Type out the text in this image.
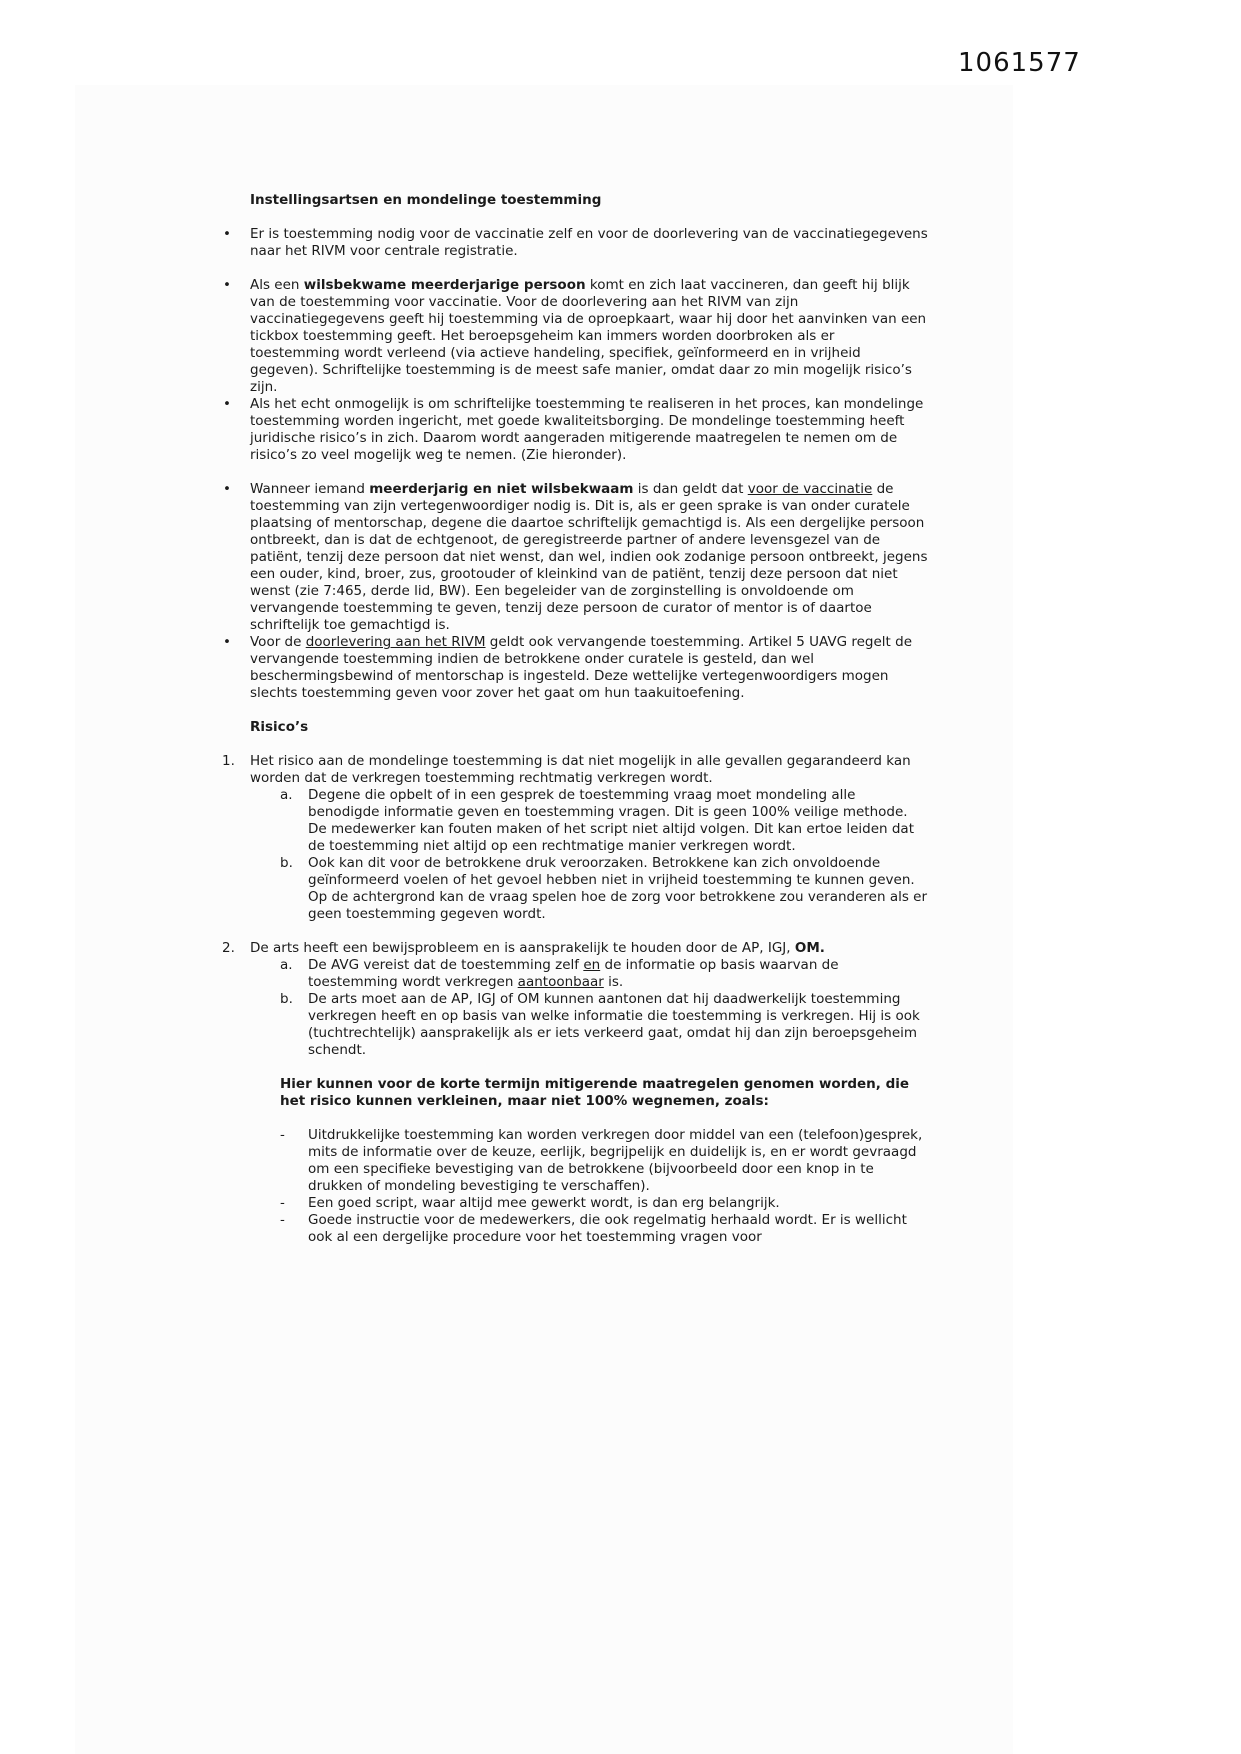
1061577
Instellingsartsen en mondelinge toestemming
• Er is toestemming nodig voor de vaccinatie zelf en voor de doorlevering van de vaccinatiegegevens naar het RIVM voor centrale registratie.
• Als een wilsbekwame meerderjarige persoon komt en zich laat vaccineren, dan geeft hij blijk van de toestemming voor vaccinatie. Voor de doorlevering aan het RIVM van zijn vaccinatiegegevens geeft hij toestemming via de oproepkaart, waar hij door het aanvinken van een tickbox toestemming geeft. Het beroepsgeheim kan immers worden doorbroken als er toestemming wordt verleend (via actieve handeling, specifiek, geïnformeerd en in vrijheid gegeven). Schriftelijke toestemming is de meest safe manier, omdat daar zo min mogelijk risico’s zijn.
• Als het echt onmogelijk is om schriftelijke toestemming te realiseren in het proces, kan mondelinge toestemming worden ingericht, met goede kwaliteitsborging. De mondelinge toestemming heeft juridische risico’s in zich. Daarom wordt aangeraden mitigerende maatregelen te nemen om de risico’s zo veel mogelijk weg te nemen. (Zie hieronder).
• Wanneer iemand meerderjarig en niet wilsbekwaam is dan geldt dat voor de vaccinatie de toestemming van zijn vertegenwoordiger nodig is. Dit is, als er geen sprake is van onder curatele plaatsing of mentorschap, degene die daartoe schriftelijk gemachtigd is. Als een dergelijke persoon ontbreekt, dan is dat de echtgenoot, de geregistreerde partner of andere levensgezel van de patiënt, tenzij deze persoon dat niet wenst, dan wel, indien ook zodanige persoon ontbreekt, jegens een ouder, kind, broer, zus, grootouder of kleinkind van de patiënt, tenzij deze persoon dat niet wenst (zie 7:465, derde lid, BW). Een begeleider van de zorginstelling is onvoldoende om vervangende toestemming te geven, tenzij deze persoon de curator of mentor is of daartoe schriftelijk toe gemachtigd is.
• Voor de doorlevering aan het RIVM geldt ook vervangende toestemming. Artikel 5 UAVG regelt de vervangende toestemming indien de betrokkene onder curatele is gesteld, dan wel beschermingsbewind of mentorschap is ingesteld. Deze wettelijke vertegenwoordigers mogen slechts toestemming geven voor zover het gaat om hun taakuitoefening.
Risico’s
1. Het risico aan de mondelinge toestemming is dat niet mogelijk in alle gevallen gegarandeerd kan worden dat de verkregen toestemming rechtmatig verkregen wordt.
a. Degene die opbelt of in een gesprek de toestemming vraag moet mondeling alle benodigde informatie geven en toestemming vragen. Dit is geen 100% veilige methode. De medewerker kan fouten maken of het script niet altijd volgen. Dit kan ertoe leiden dat de toestemming niet altijd op een rechtmatige manier verkregen wordt.
b. Ook kan dit voor de betrokkene druk veroorzaken. Betrokkene kan zich onvoldoende geïnformeerd voelen of het gevoel hebben niet in vrijheid toestemming te kunnen geven. Op de achtergrond kan de vraag spelen hoe de zorg voor betrokkene zou veranderen als er geen toestemming gegeven wordt.
2. De arts heeft een bewijsprobleem en is aansprakelijk te houden door de AP, IGJ, OM.
a. De AVG vereist dat de toestemming zelf en de informatie op basis waarvan de toestemming wordt verkregen aantoonbaar is.
b. De arts moet aan de AP, IGJ of OM kunnen aantonen dat hij daadwerkelijk toestemming verkregen heeft en op basis van welke informatie die toestemming is verkregen. Hij is ook (tuchtrechtelijk) aansprakelijk als er iets verkeerd gaat, omdat hij dan zijn beroepsgeheim schendt.
Hier kunnen voor de korte termijn mitigerende maatregelen genomen worden, die het risico kunnen verkleinen, maar niet 100% wegnemen, zoals:
- Uitdrukkelijke toestemming kan worden verkregen door middel van een (telefoon)gesprek, mits de informatie over de keuze, eerlijk, begrijpelijk en duidelijk is, en er wordt gevraagd om een specifieke bevestiging van de betrokkene (bijvoorbeeld door een knop in te drukken of mondeling bevestiging te verschaffen).
- Een goed script, waar altijd mee gewerkt wordt, is dan erg belangrijk.
- Goede instructie voor de medewerkers, die ook regelmatig herhaald wordt. Er is wellicht ook al een dergelijke procedure voor het toestemming vragen voor
